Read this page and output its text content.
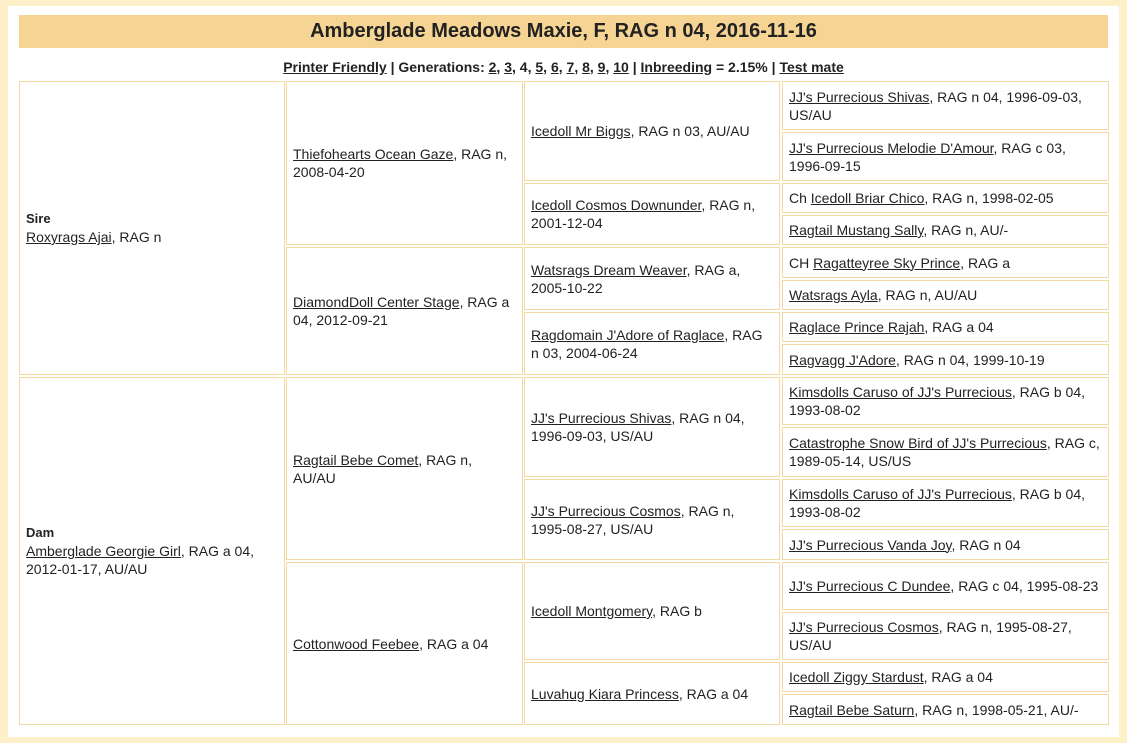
Amberglade Meadows Maxie, F, RAG n 04, 2016-11-16
Printer Friendly | Generations: 2, 3, 4, 5, 6, 7, 8, 9, 10 | Inbreeding = 2.15% | Test mate
Sire
Roxyrags Ajai, RAG n
Dam
Amberglade Georgie Girl, RAG a 04, 2012-01-17, AU/AU
Thiefohearts Ocean Gaze, RAG n, 2008-04-20
DiamondDoll Center Stage, RAG a 04, 2012-09-21
Ragtail Bebe Comet, RAG n, AU/AU
Cottonwood Feebee, RAG a 04
Icedoll Mr Biggs, RAG n 03, AU/AU
Icedoll Cosmos Downunder, RAG n, 2001-12-04
Watsrags Dream Weaver, RAG a, 2005-10-22
Ragdomain J'Adore of Raglace, RAG n 03, 2004-06-24
JJ's Purrecious Shivas, RAG n 04, 1996-09-03, US/AU
JJ's Purrecious Cosmos, RAG n, 1995-08-27, US/AU
Icedoll Montgomery, RAG b
Luvahug Kiara Princess, RAG a 04
JJ's Purrecious Shivas, RAG n 04, 1996-09-03, US/AU
JJ's Purrecious Melodie D'Amour, RAG c 03, 1996-09-15
Ch Icedoll Briar Chico, RAG n, 1998-02-05
Ragtail Mustang Sally, RAG n, AU/-
CH Ragatteyree Sky Prince, RAG a
Watsrags Ayla, RAG n, AU/AU
Raglace Prince Rajah, RAG a 04
Ragvagg J'Adore, RAG n 04, 1999-10-19
Kimsdolls Caruso of JJ's Purrecious, RAG b 04, 1993-08-02
Catastrophe Snow Bird of JJ's Purrecious, RAG c, 1989-05-14, US/US
Kimsdolls Caruso of JJ's Purrecious, RAG b 04, 1993-08-02
JJ's Purrecious Vanda Joy, RAG n 04
JJ's Purrecious C Dundee, RAG c 04, 1995-08-23
JJ's Purrecious Cosmos, RAG n, 1995-08-27, US/AU
Icedoll Ziggy Stardust, RAG a 04
Ragtail Bebe Saturn, RAG n, 1998-05-21, AU/-
